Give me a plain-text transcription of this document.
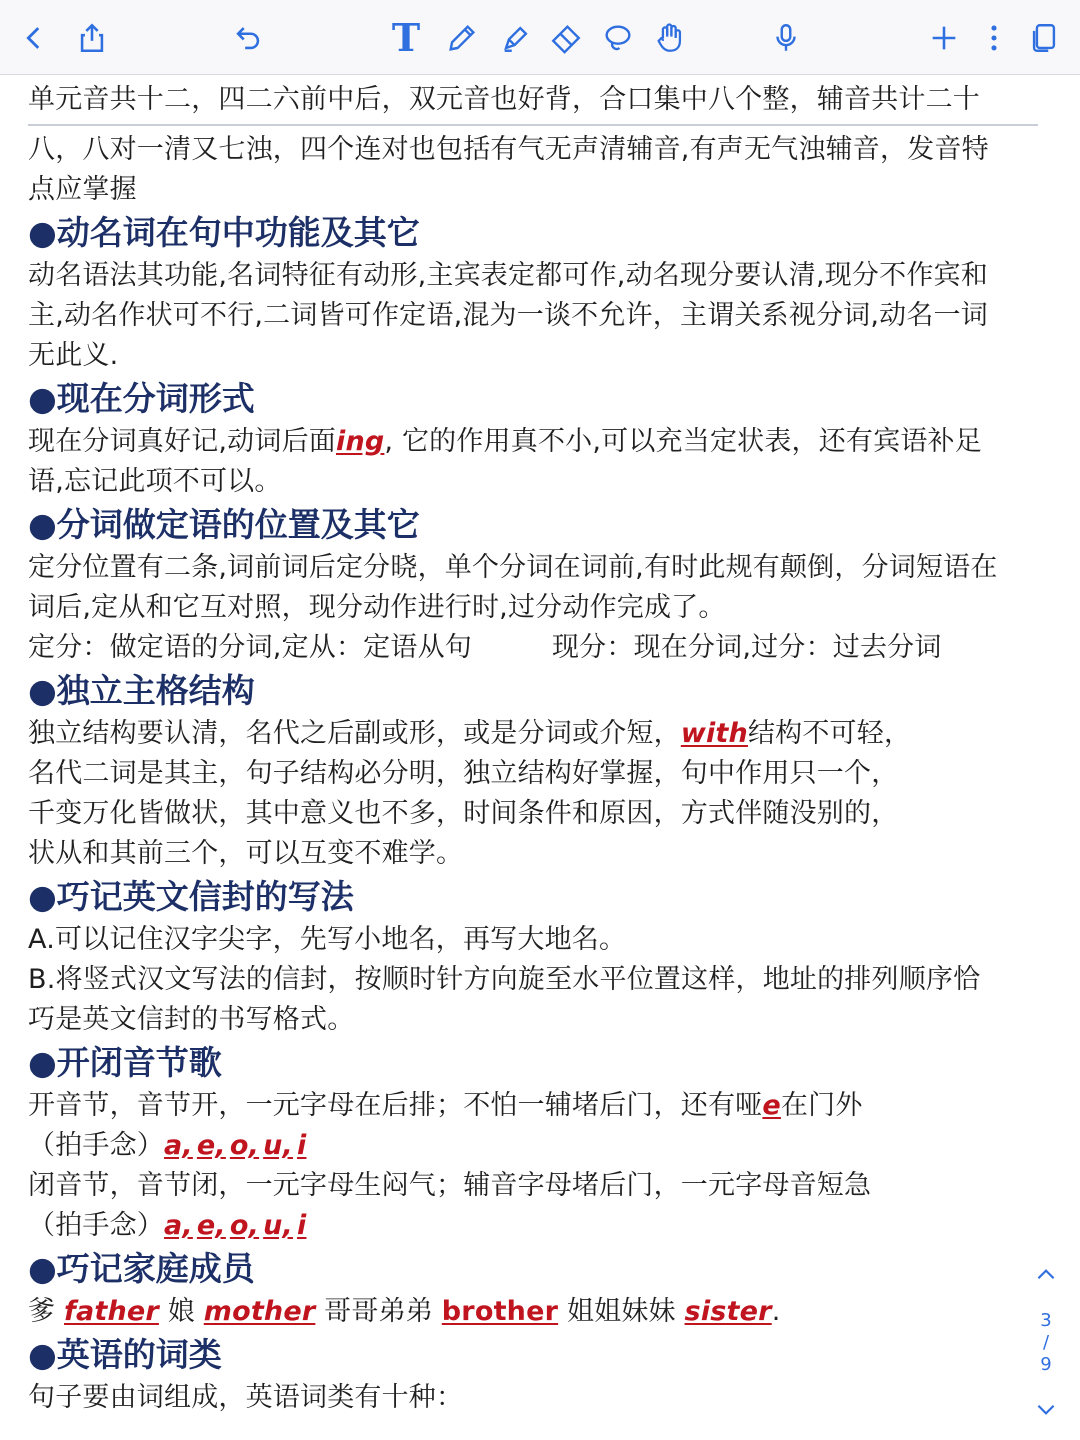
T

单元音共十二，四二六前中后，双元音也好背，合口集中八个整，辅音共计二十

八，八对一清又七浊，四个连对也包括有气无声清辅音,有声无气浊辅音，发音特

点应掌握

●动名词在句中功能及其它

动名语法其功能,名词特征有动形,主宾表定都可作,动名现分要认清,现分不作宾和

主,动名作状可不行,二词皆可作定语,混为一谈不允许，主谓关系视分词,动名一词

无此义.

●现在分词形式

现在分词真好记,动词后面ing, 它的作用真不小,可以充当定状表，还有宾语补足

语,忘记此项不可以。

●分词做定语的位置及其它

定分位置有二条,词前词后定分晓，单个分词在词前,有时此规有颠倒，分词短语在

词后,定从和它互对照，现分动作进行时,过分动作完成了。

定分：做定语的分词,定从：定语从句	现分：现在分词,过分：过去分词

●独立主格结构

独立结构要认清，名代之后副或形，或是分词或介短，with结构不可轻，

名代二词是其主，句子结构必分明，独立结构好掌握，句中作用只一个，

千变万化皆做状，其中意义也不多，时间条件和原因，方式伴随没别的，

状从和其前三个，可以互变不难学。

●巧记英文信封的写法

A.可以记住汉字尖字，先写小地名，再写大地名。

B.将竖式汉文写法的信封，按顺时针方向旋至水平位置这样，地址的排列顺序恰

巧是英文信封的书写格式。

●开闭音节歌

开音节，音节开，一元字母在后排；不怕一辅堵后门，还有哑e在门外

（拍手念）a, e, o, u, i

闭音节，音节闭，一元字母生闷气；辅音字母堵后门，一元字母音短急

（拍手念）a, e, o, u, i

●巧记家庭成员

爹 father 娘 mother 哥哥弟弟 brother 姐姐妹妹 sister.

●英语的词类

句子要由词组成，英语词类有十种：

3
/
9
